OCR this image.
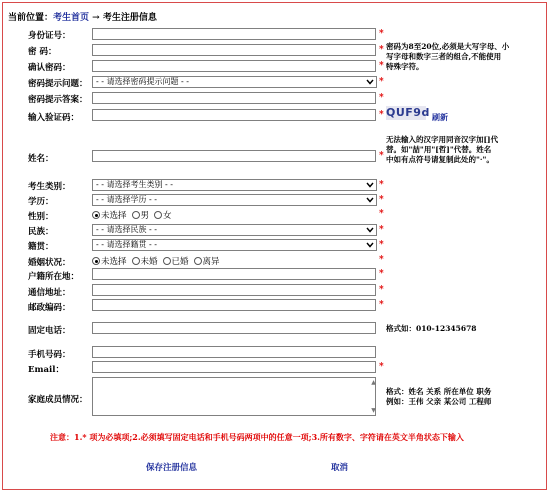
当前位置：考生首页 → 考生注册信息
身份证号：	*
密 码：	* 密码为8至20位,必须是大写字母、小
写字母和数字三者的组合,不能使用
特殊字符。
确认密码：	*
密码提示问题：	- - 请选择密码提示问题 - -	*
密码提示答案：	*
输入验证码：	* QUF9d 刷新
无法输入的汉字用同音汉字加[]代
替。如"喆"用"[哲]"代替。姓名
中如有点符号请复制此处的"·"。
姓名：	*
考生类别：	- - 请选择考生类别 - -	*
学历：	- - 请选择学历 - -	*
性别：	未选择 男 女	*
民族：	- - 请选择民族 - -	*
籍贯：	- - 请选择籍贯 - -	*
婚姻状况：	未选择 未婚 已婚 离异	*
户籍所在地：	*
通信地址：	*
邮政编码：	*
固定电话：	格式如：010-12345678
手机号码：
Email：	*
家庭成员情况：
▲
▼
格式：姓名 关系 所在单位 职务
例如：王伟 父亲 某公司 工程师
注意：1.* 项为必填项;2.必须填写固定电话和手机号码两项中的任意一项;3.所有数字、字符请在英文半角状态下输入
保存注册信息	取消
